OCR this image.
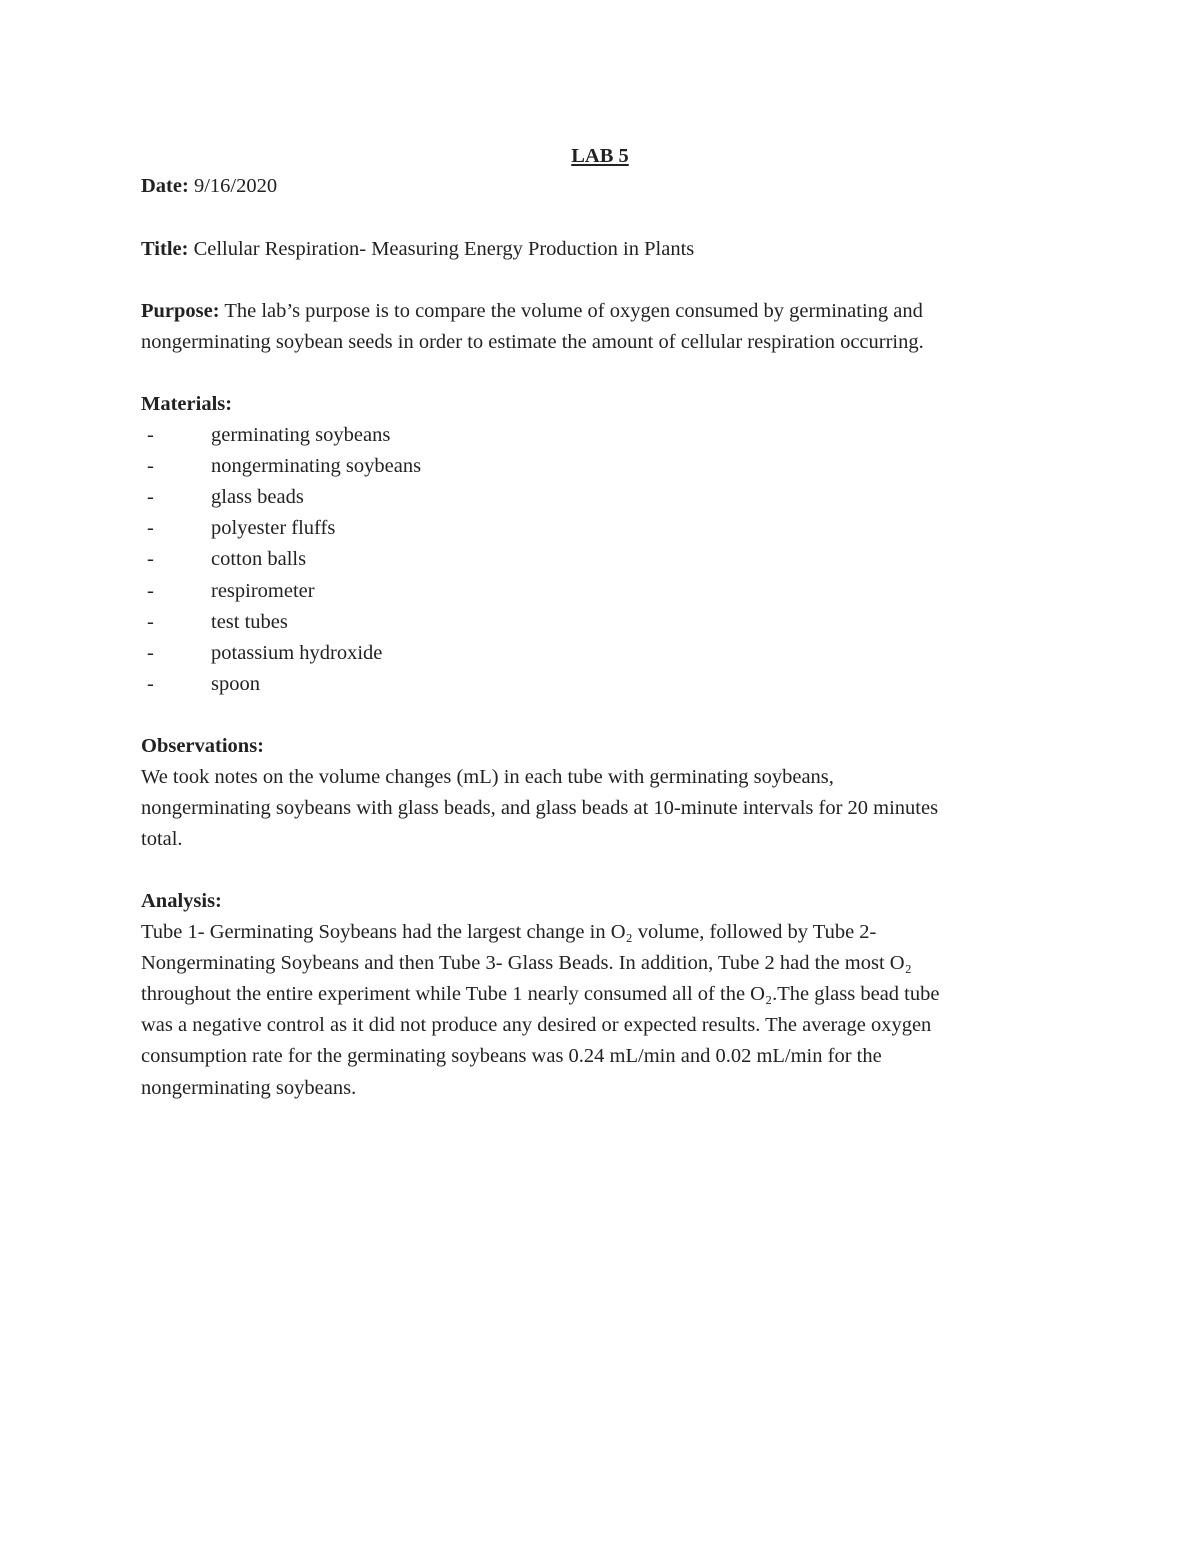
LAB 5
Date: 9/16/2020
Title: Cellular Respiration- Measuring Energy Production in Plants
Purpose: The lab’s purpose is to compare the volume of oxygen consumed by germinating and
nongerminating soybean seeds in order to estimate the amount of cellular respiration occurring.
Materials:
-	germinating soybeans
-	nongerminating soybeans
-	glass beads
-	polyester fluffs
-	cotton balls
-	respirometer
-	test tubes
-	potassium hydroxide
-	spoon
Observations:
We took notes on the volume changes (mL) in each tube with germinating soybeans,
nongerminating soybeans with glass beads, and glass beads at 10-minute intervals for 20 minutes
total.
Analysis:
Tube 1- Germinating Soybeans had the largest change in O₂ volume, followed by Tube 2-
Nongerminating Soybeans and then Tube 3- Glass Beads. In addition, Tube 2 had the most O₂
throughout the entire experiment while Tube 1 nearly consumed all of the O₂.The glass bead tube
was a negative control as it did not produce any desired or expected results. The average oxygen
consumption rate for the germinating soybeans was 0.24 mL/min and 0.02 mL/min for the
nongerminating soybeans.
